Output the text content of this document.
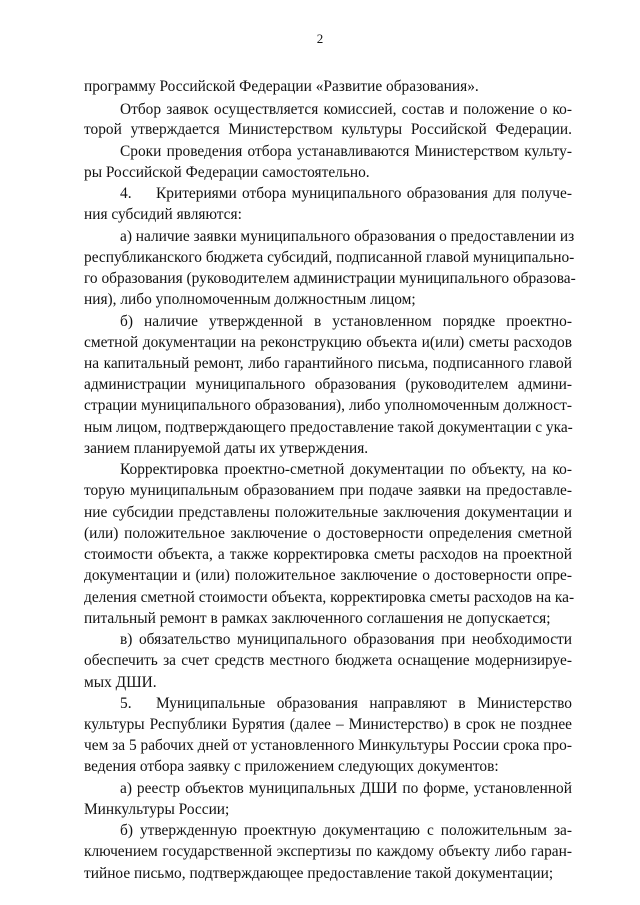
2
программу Российской Федерации «Развитие образования».
Отбор заявок осуществляется комиссией, состав и положение о ко-
торой утверждается Министерством культуры Российской Федерации.
Сроки проведения отбора устанавливаются Министерством культу-
ры Российской Федерации самостоятельно.
4. Критериями отбора муниципального образования для получе-
ния субсидий являются:
а) наличие заявки муниципального образования о предоставлении из
республиканского бюджета субсидий, подписанной главой муниципально-
го образования (руководителем администрации муниципального образова-
ния), либо уполномоченным должностным лицом;
б) наличие утвержденной в установленном порядке проектно-
сметной документации на реконструкцию объекта и(или) сметы расходов
на капитальный ремонт, либо гарантийного письма, подписанного главой
администрации муниципального образования (руководителем админи-
страции муниципального образования), либо уполномоченным должност-
ным лицом, подтверждающего предоставление такой документации с ука-
занием планируемой даты их утверждения.
Корректировка проектно-сметной документации по объекту, на ко-
торую муниципальным образованием при подаче заявки на предоставле-
ние субсидии представлены положительные заключения документации и
(или) положительное заключение о достоверности определения сметной
стоимости объекта, а также корректировка сметы расходов на проектной
документации и (или) положительное заключение о достоверности опре-
деления сметной стоимости объекта, корректировка сметы расходов на ка-
питальный ремонт в рамках заключенного соглашения не допускается;
в) обязательство муниципального образования при необходимости
обеспечить за счет средств местного бюджета оснащение модернизируе-
мых ДШИ.
5. Муниципальные образования направляют в Министерство
культуры Республики Бурятия (далее – Министерство) в срок не позднее
чем за 5 рабочих дней от установленного Минкультуры России срока про-
ведения отбора заявку с приложением следующих документов:
а) реестр объектов муниципальных ДШИ по форме, установленной
Минкультуры России;
б) утвержденную проектную документацию с положительным за-
ключением государственной экспертизы по каждому объекту либо гаран-
тийное письмо, подтверждающее предоставление такой документации;
